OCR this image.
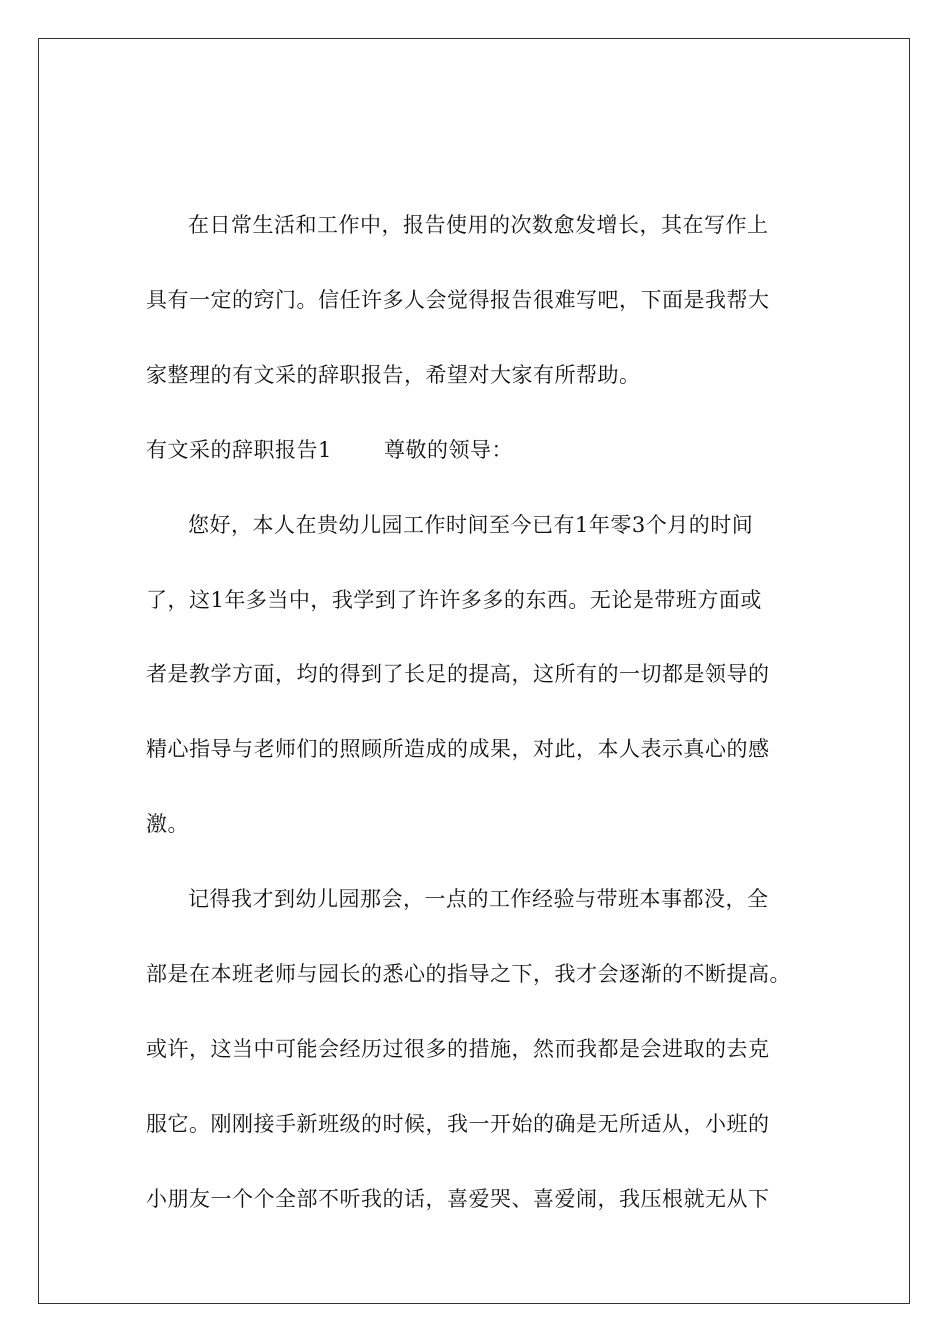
在日常生活和工作中，报告使用的次数愈发增长，其在写作上
具有一定的窍门。信任许多人会觉得报告很难写吧，下面是我帮大
家整理的有文采的辞职报告，希望对大家有所帮助。
有文采的辞职报告1 尊敬的领导：
您好，本人在贵幼儿园工作时间至今已有1年零3个月的时间
了，这1年多当中，我学到了许许多多的东西。无论是带班方面或
者是教学方面，均的得到了长足的提高，这所有的一切都是领导的
精心指导与老师们的照顾所造成的成果，对此，本人表示真心的感
激。
记得我才到幼儿园那会，一点的工作经验与带班本事都没，全
部是在本班老师与园长的悉心的指导之下，我才会逐渐的不断提高。
或许，这当中可能会经历过很多的措施，然而我都是会进取的去克
服它。刚刚接手新班级的时候，我一开始的确是无所适从，小班的
小朋友一个个全部不听我的话，喜爱哭、喜爱闹，我压根就无从下
